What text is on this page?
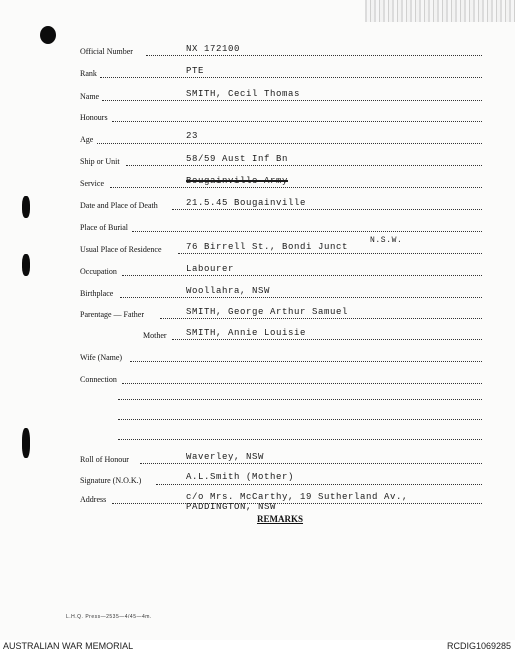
Official Number	NX 172100
Rank	PTE
Name	SMITH, Cecil Thomas
Honours
Age	23
Ship or Unit	58/59 Aust Inf Bn
Service	Bougainville Army
Date and Place of Death	21.5.45 Bougainville
Place of Burial
Usual Place of Residence	76 Birrell St., Bondi Junct
N.S.W.
Occupation	Labourer
Birthplace	Woollahra, NSW
Parentage — Father	SMITH, George Arthur Samuel
Mother SMITH, Annie Louisie
Wife (Name)
Connection
Roll of Honour	Waverley, NSW
Signature (N.O.K.)	A.L.Smith (Mother)
Address	c/o Mrs. McCarthy, 19 Sutherland Av.,
PADDINGTON, NSW
REMARKS
L.H.Q. Press—2535—4/45—4m.
AUSTRALIAN WAR MEMORIAL	RCDIG1069285
